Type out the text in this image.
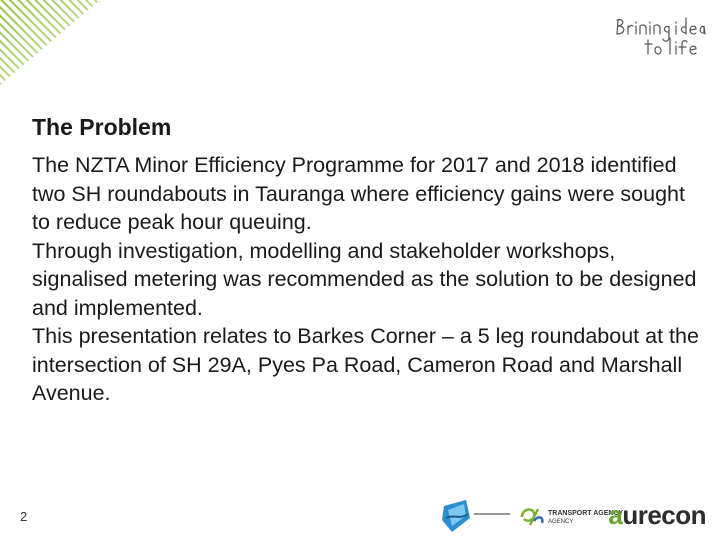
The Problem

The NZTA Minor Efficiency Programme for 2017 and 2018 identified two SH roundabouts in Tauranga where efficiency gains were sought to reduce peak hour queuing.

Through investigation, modelling and stakeholder workshops, signalised metering was recommended as the solution to be designed and implemented.

This presentation relates to Barkes Corner – a 5 leg roundabout at the intersection of SH 29A, Pyes Pa Road, Cameron Road and Marshall Avenue.

2	TRANSPORT AGENCY
AGENCY aurecon
